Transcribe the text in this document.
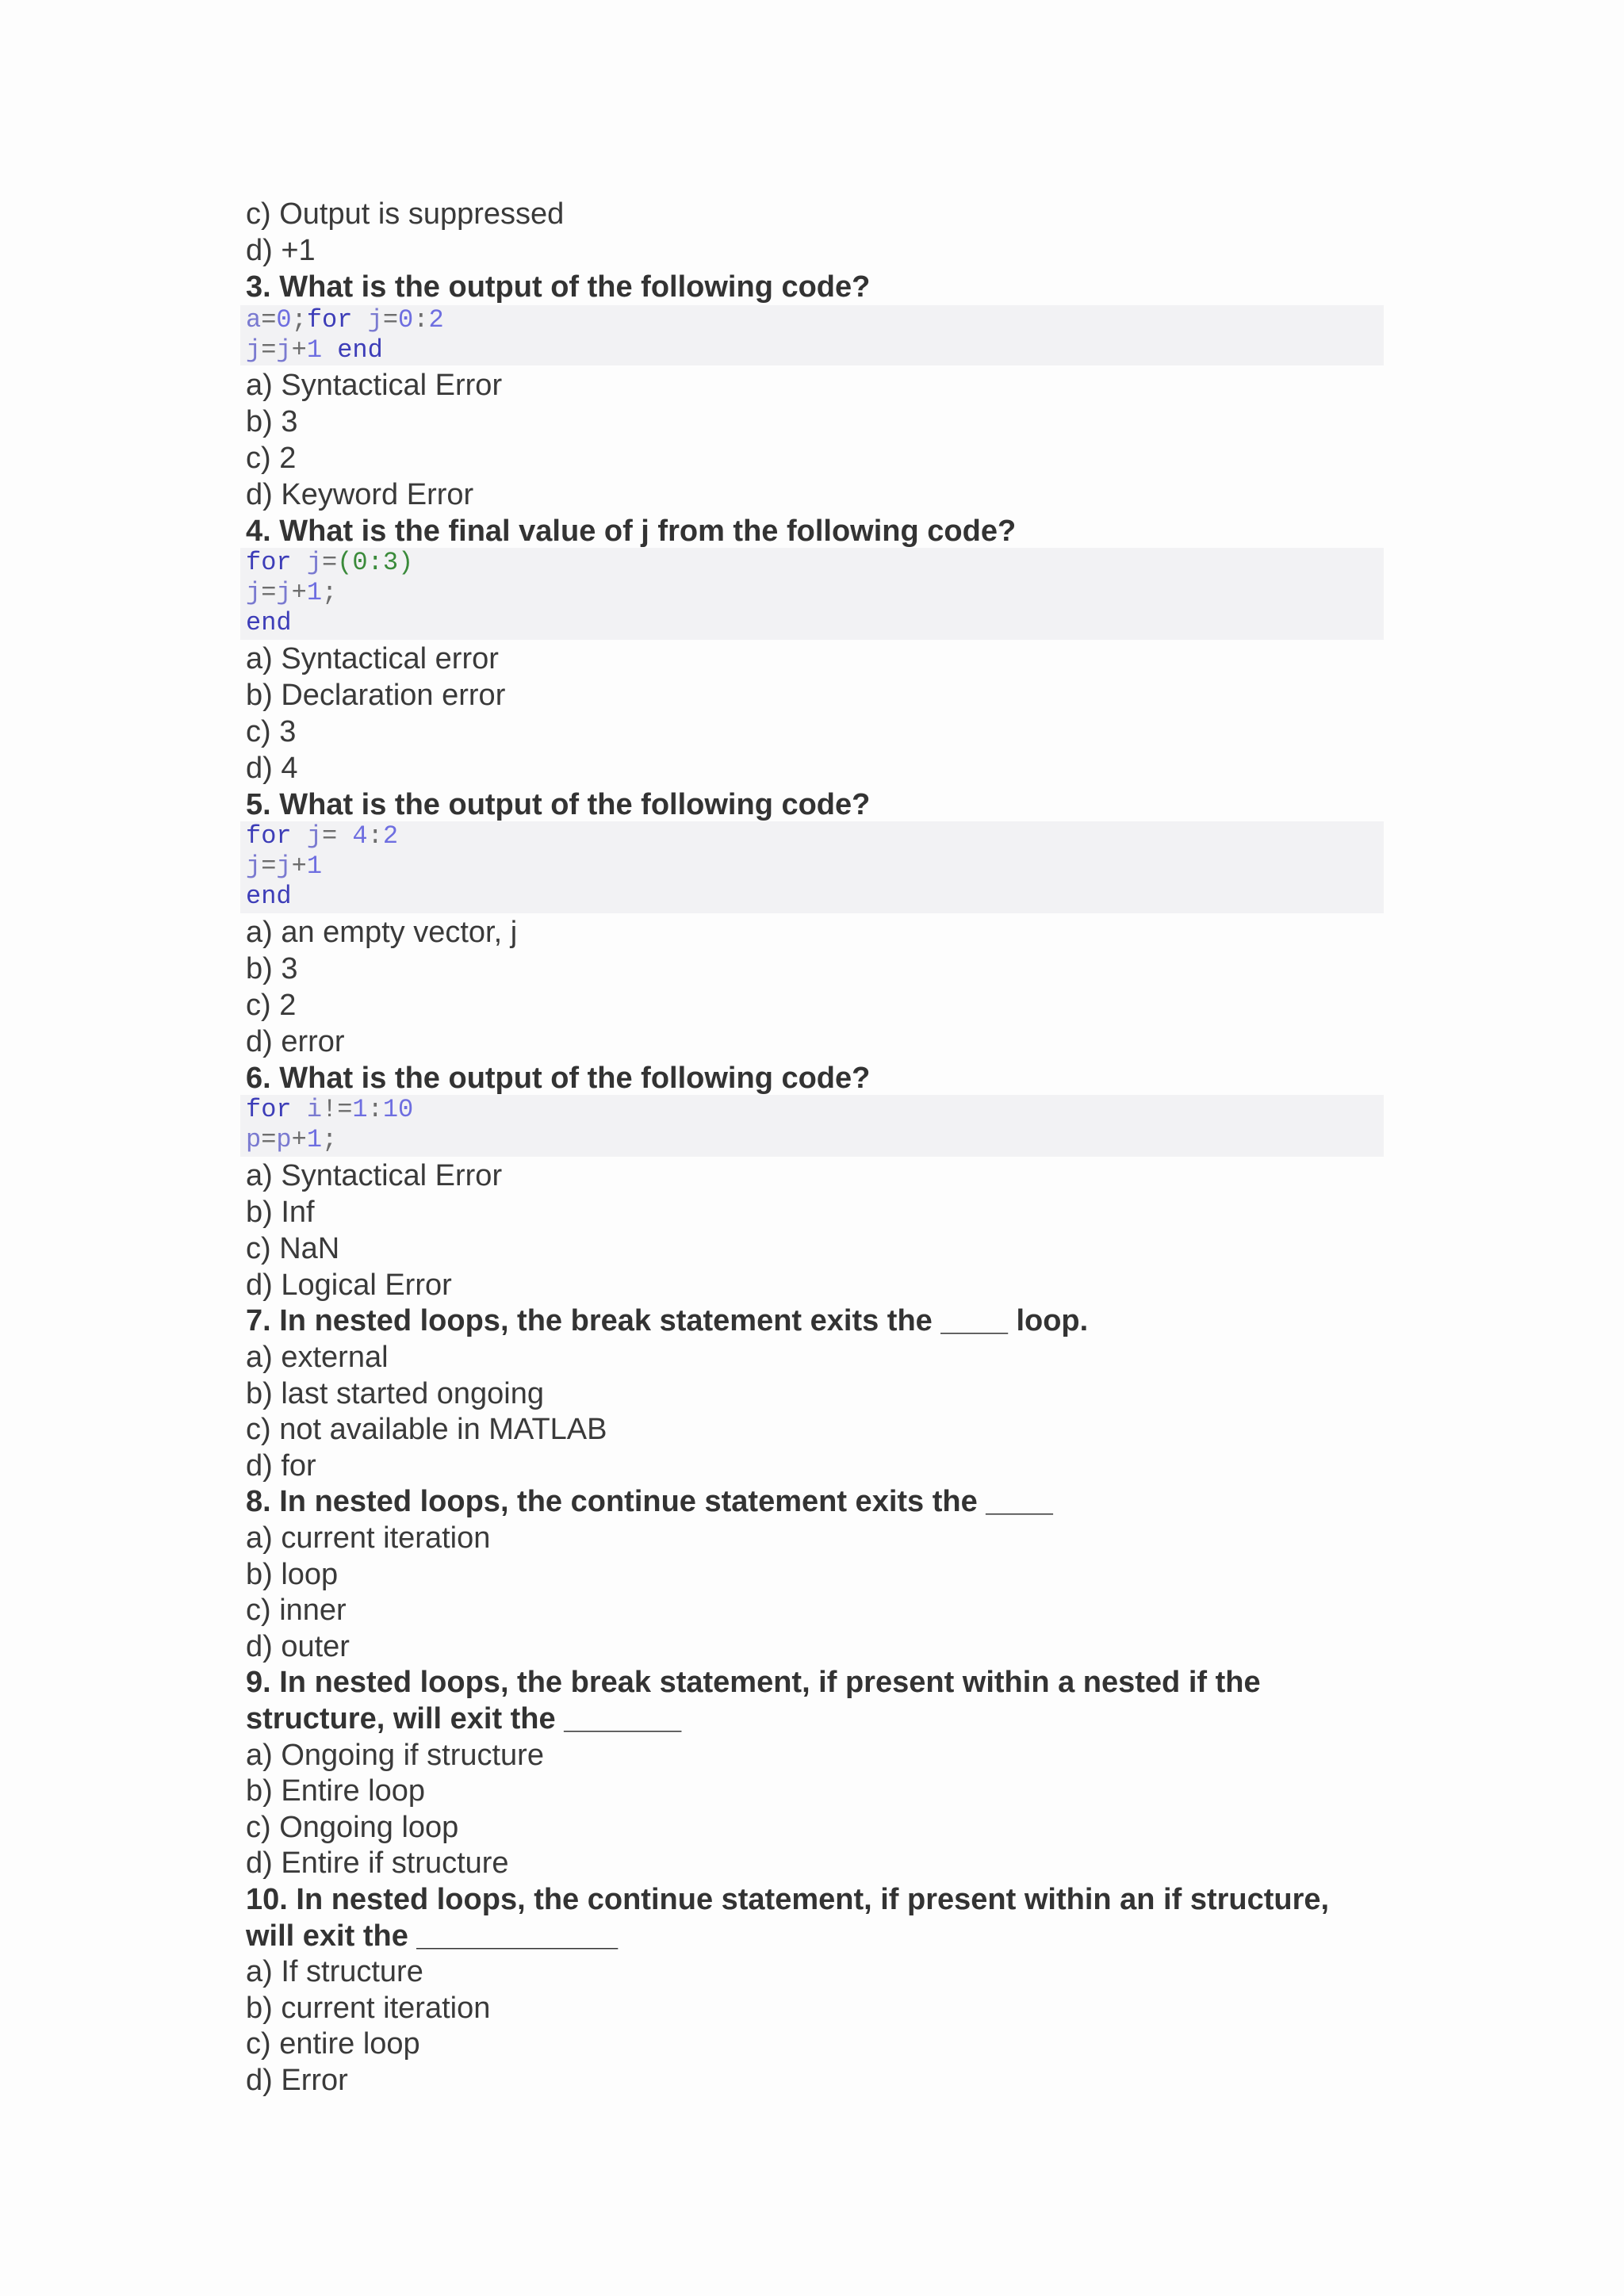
c) Output is suppressed

d) +1

3. What is the output of the following code?

a=0;for j=0:2

j=j+1 end

a) Syntactical Error

b) 3

c) 2

d) Keyword Error

4. What is the final value of j from the following code?

for j=(0:3)

j=j+1;

end

a) Syntactical error

b) Declaration error

c) 3

d) 4

5. What is the output of the following code?

for j= 4:2

j=j+1

end

a) an empty vector, j

b) 3

c) 2

d) error

6. What is the output of the following code?

for i!=1:10

p=p+1;

a) Syntactical Error

b) Inf

c) NaN

d) Logical Error

7. In nested loops, the break statement exits the ____ loop.

a) external

b) last started ongoing

c) not available in MATLAB

d) for

8. In nested loops, the continue statement exits the ____

a) current iteration

b) loop

c) inner

d) outer

9. In nested loops, the break statement, if present within a nested if the

structure, will exit the _______

a) Ongoing if structure

b) Entire loop

c) Ongoing loop

d) Entire if structure

10. In nested loops, the continue statement, if present within an if structure,

will exit the ____________

a) If structure

b) current iteration

c) entire loop

d) Error
